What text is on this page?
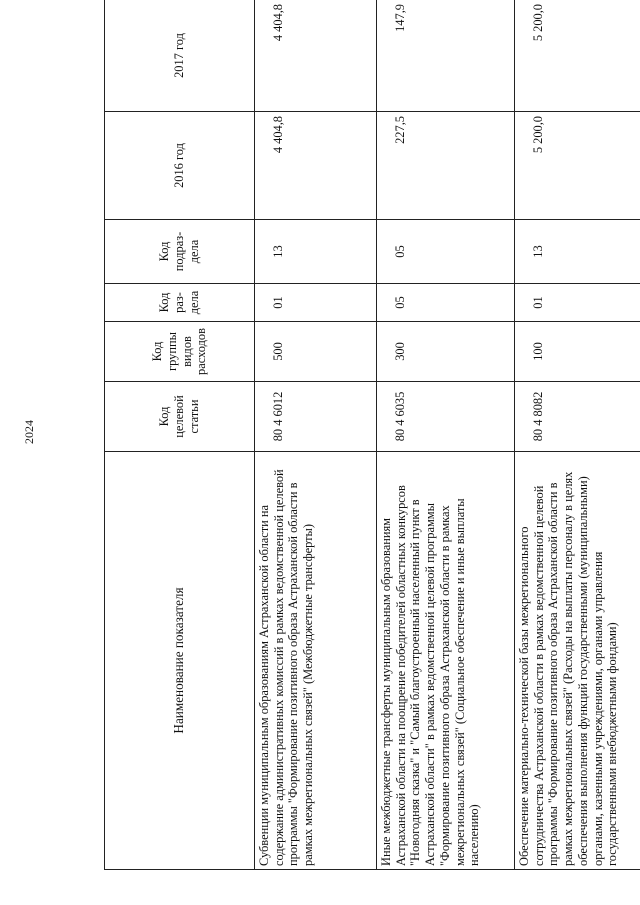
2024
Наименование показателя	Код целевой статьи	Код группы видов расходов	Код раз-дела	Код подраз-дела	2016 год	2017 год
Субвенции муниципальным образованиям Астраханской области на содержание административных комиссий в рамках ведомственной целевой программы "Формирование позитивного образа Астраханской области в рамках межрегиональных связей" (Межбюджетные трансферты)	80 4 6012	500	01	13	4 404,8	4 404,8
Иные межбюджетные трансферты муниципальным образованиям Астраханской области на поощрение победителей областных конкурсов "Новогодняя сказка" и "Самый благоустроенный населенный пункт в Астраханской области" в рамках ведомственной целевой программы "Формирование позитивного образа Астраханской области в рамках межрегиональных связей" (Социальное обеспечение и иные выплаты населению)	80 4 6035	300	05	05	227,5	147,9
Обеспечение материально-технической базы межрегионального сотрудничества Астраханской области в рамках ведомственной целевой программы "Формирование позитивного образа Астраханской области в рамках межрегиональных связей" (Расходы на выплаты персоналу в целях обеспечения выполнения функций государственными (муниципальными) органами, казенными учреждениями, органами управления государственными внебюджетными фондами)	80 4 8082	100	01	13	5 200,0	5 200,0
